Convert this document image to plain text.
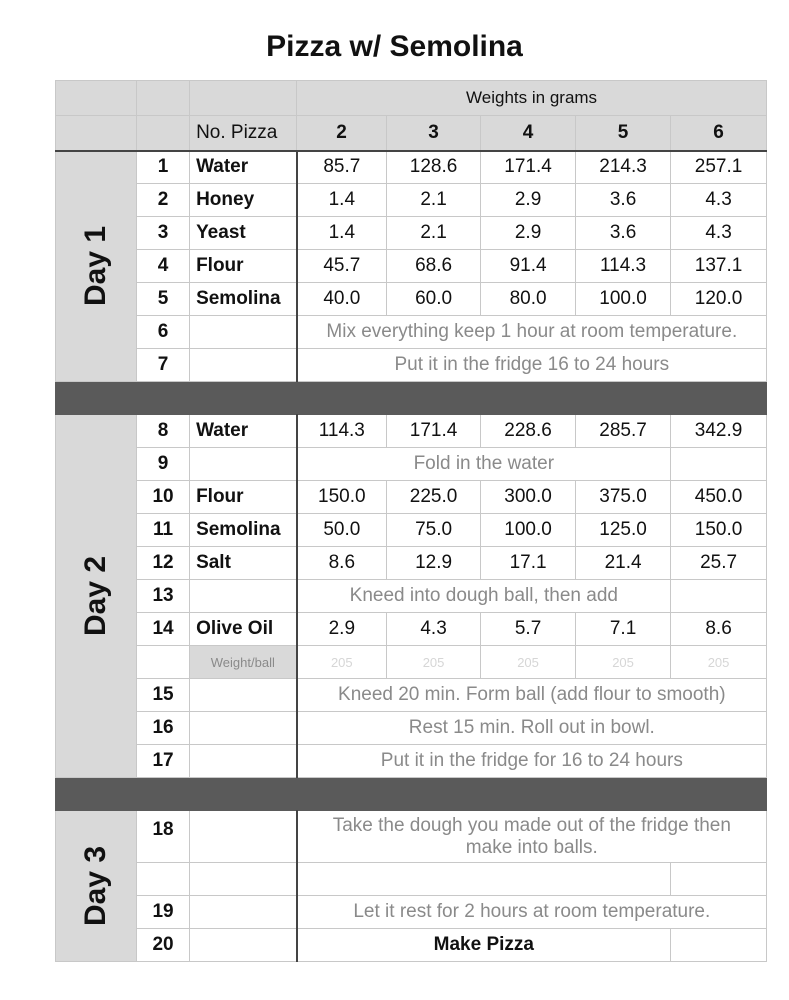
Pizza w/ Semolina
			Weights in grams				
		No. Pizza	2	3	4	5	6

Day 1	1	Water	85.7	128.6	171.4	214.3	257.1
	2	Honey	1.4	2.1	2.9	3.6	4.3
	3	Yeast	1.4	2.1	2.9	3.6	4.3
	4	Flour	45.7	68.6	91.4	114.3	137.1
	5	Semolina	40.0	60.0	80.0	100.0	120.0
	6		Mix everything keep 1 hour at room temperature.				
	7		Put it in the fridge 16 to 24 hours				

Day 2	8	Water	114.3	171.4	228.6	285.7	342.9
	9		Fold in the water				
	10	Flour	150.0	225.0	300.0	375.0	450.0
	11	Semolina	50.0	75.0	100.0	125.0	150.0
	12	Salt	8.6	12.9	17.1	21.4	25.7
	13		Kneed into dough ball, then add				
	14	Olive Oil	2.9	4.3	5.7	7.1	8.6
		Weight/ball	205	205	205	205	205
	15		Kneed 20 min. Form ball (add flour to smooth)				
	16		Rest 15 min. Roll out in bowl.				
	17		Put it in the fridge for 16 to 24 hours				

Day 3	18		Take the dough you made out of the fridge then make into balls.				

	19		Let it rest for 2 hours at room temperature.				
	20		Make Pizza				
